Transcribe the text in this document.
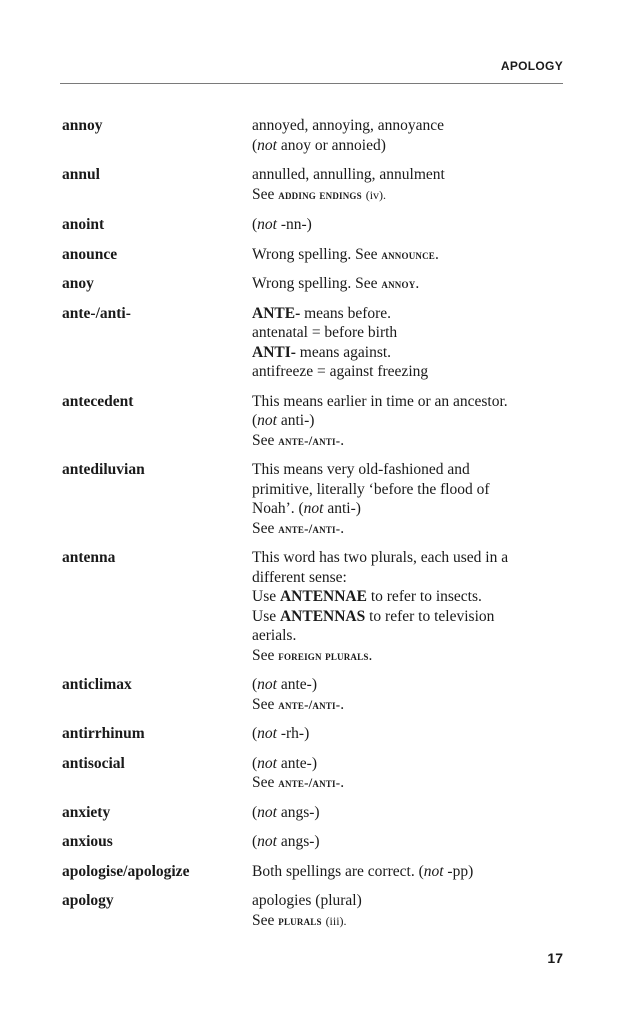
APOLOGY
annoy	annoyed, annoying, annoyance
(not anoy or annoied)
annul	annulled, annulling, annulment
See adding endings (iv).
anoint	(not -nn-)
anounce	Wrong spelling. See announce.
anoy	Wrong spelling. See annoy.
ante-/anti-	ANTE- means before.
antenatal = before birth
ANTI- means against.
antifreeze = against freezing
antecedent	This means earlier in time or an ancestor.
(not anti-)
See ante-/anti-.
antediluvian	This means very old-fashioned and
primitive, literally ‘before the flood of
Noah’. (not anti-)
See ante-/anti-.
antenna	This word has two plurals, each used in a
different sense:
Use ANTENNAE to refer to insects.
Use ANTENNAS to refer to television
aerials.
See foreign plurals.
anticlimax	(not ante-)
See ante-/anti-.
antirrhinum	(not -rh-)
antisocial	(not ante-)
See ante-/anti-.
anxiety	(not angs-)
anxious	(not angs-)
apologise/apologize	Both spellings are correct. (not -pp)
apology	apologies (plural)
See plurals (iii).
17
